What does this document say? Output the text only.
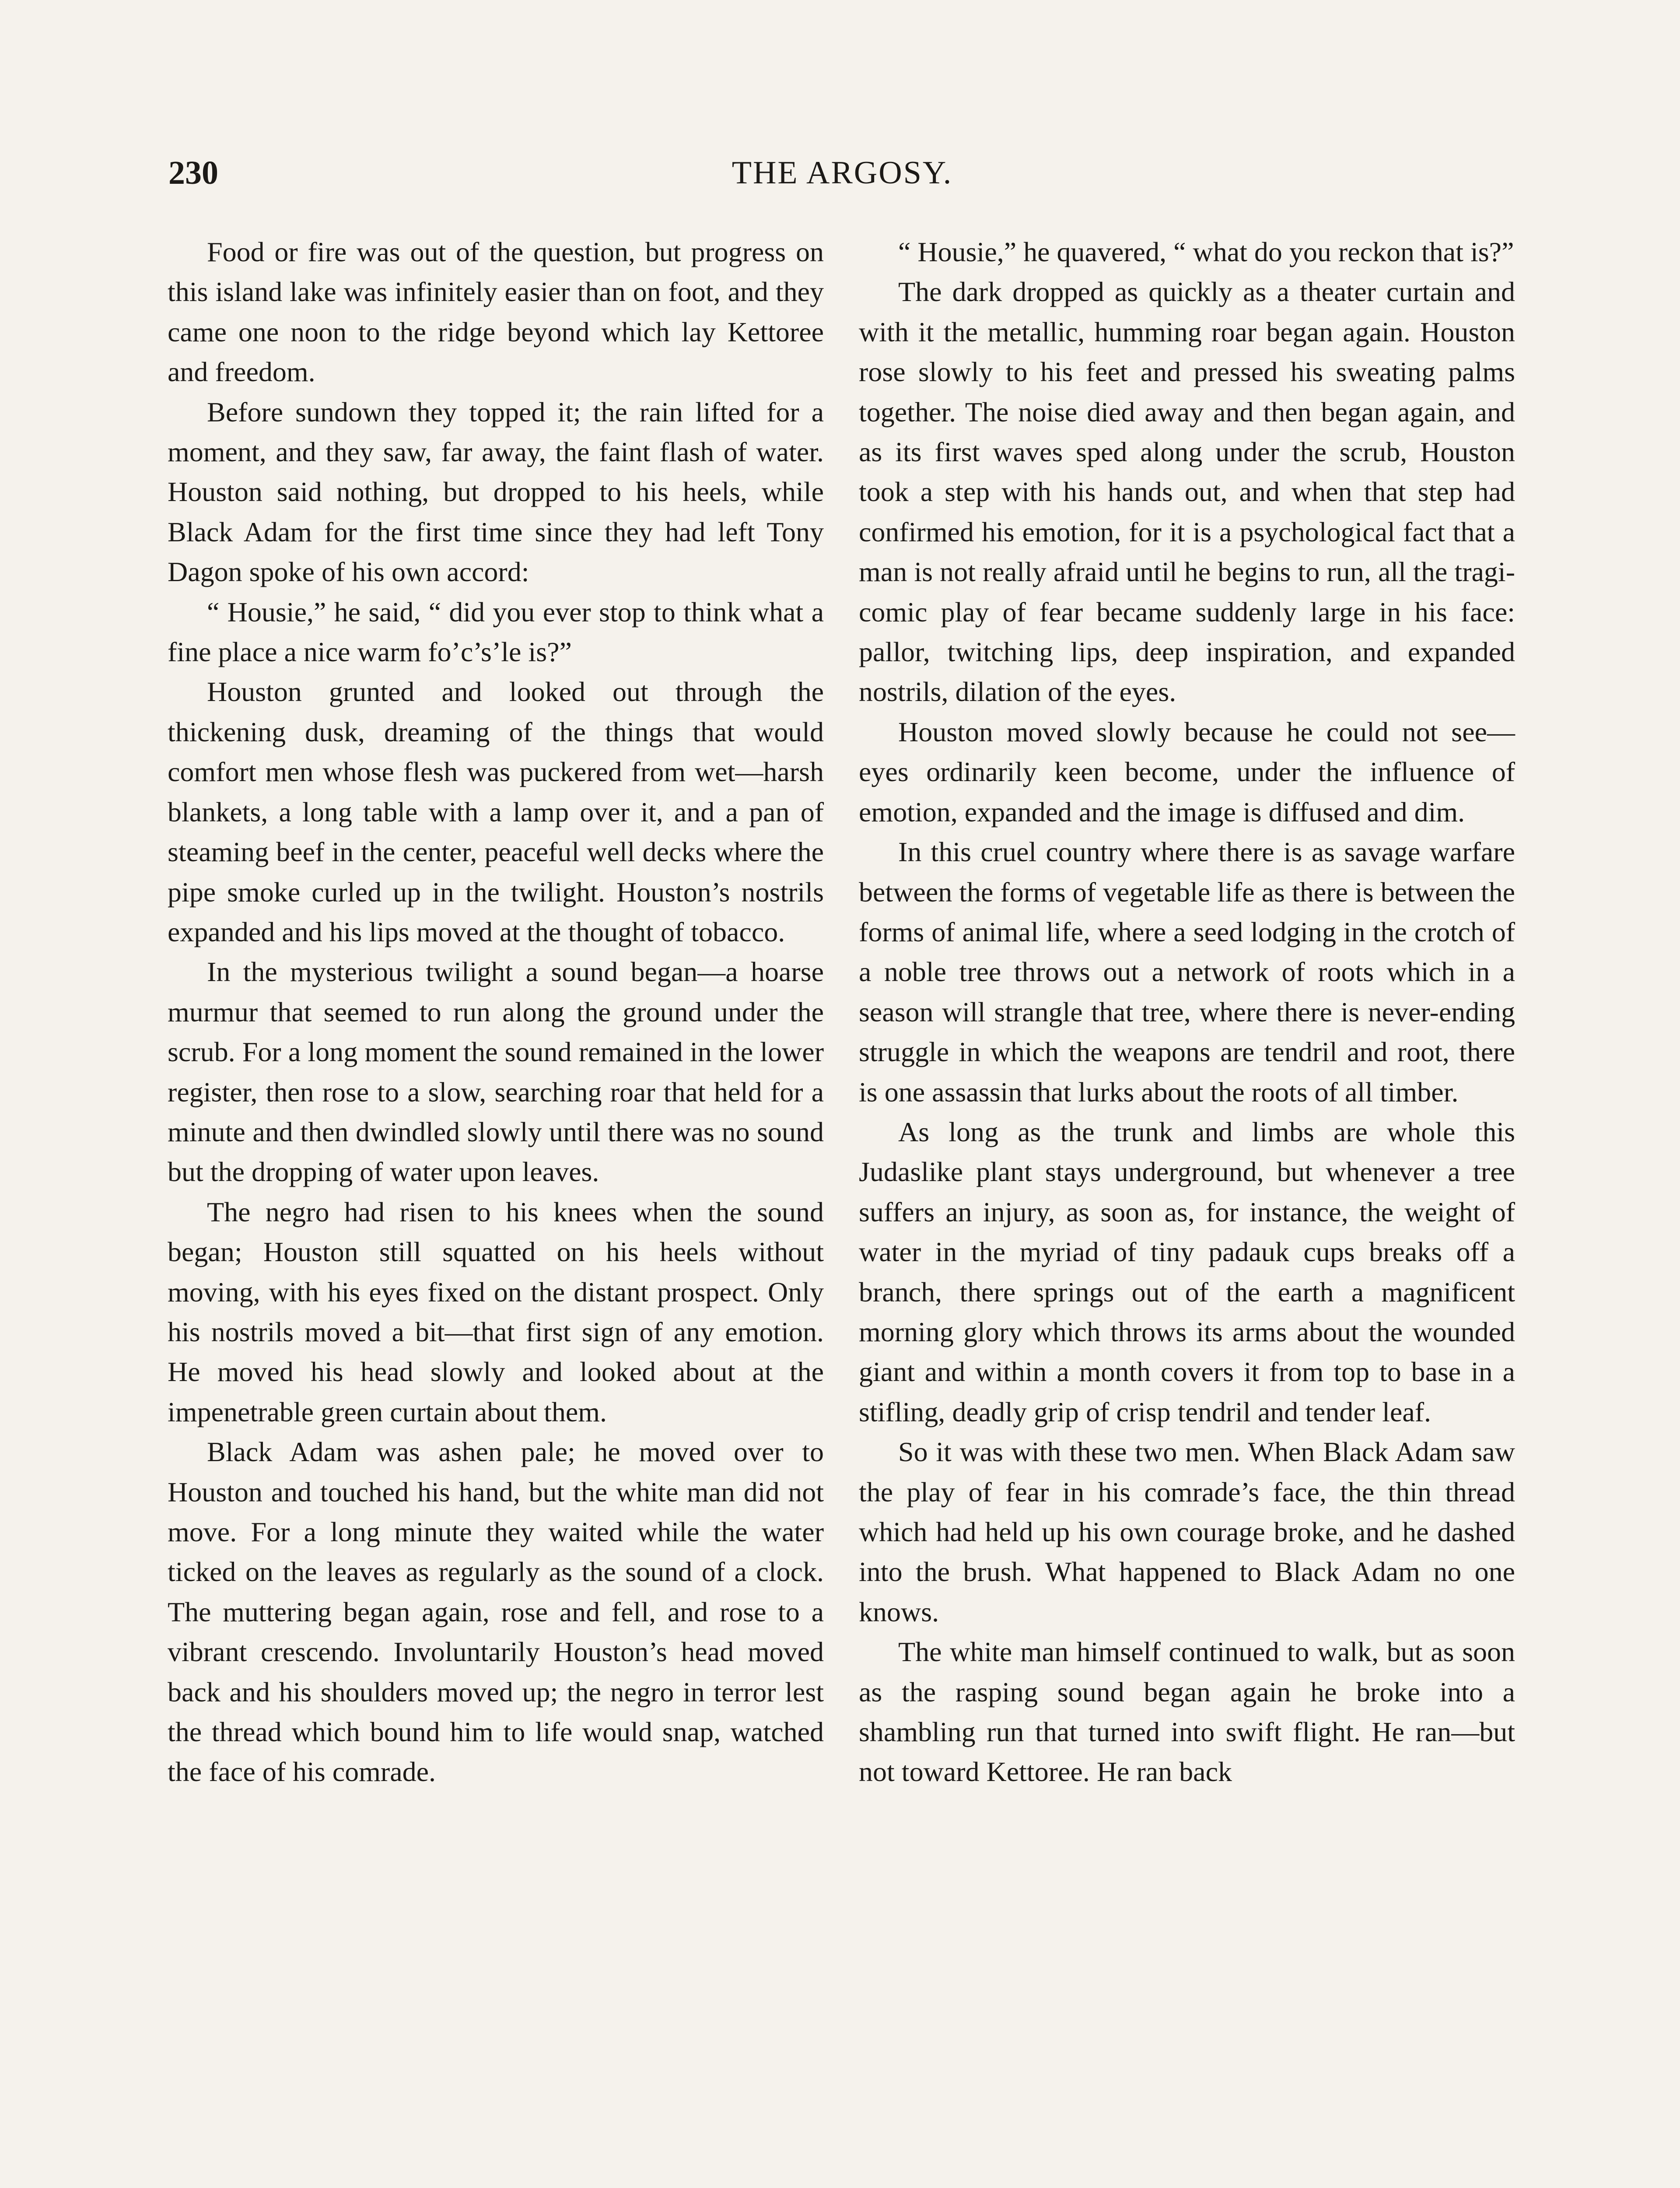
230	THE ARGOSY.

Food or fire was out of the question, but progress on this island lake was infinitely easier than on foot, and they came one noon to the ridge beyond which lay Kettoree and freedom.

Before sundown they topped it; the rain lifted for a moment, and they saw, far away, the faint flash of water. Houston said nothing, but dropped to his heels, while Black Adam for the first time since they had left Tony Dagon spoke of his own accord:

“ Housie,” he said, “ did you ever stop to think what a fine place a nice warm fo’c’s’le is?”

Houston grunted and looked out through the thickening dusk, dreaming of the things that would comfort men whose flesh was puckered from wet—harsh blankets, a long table with a lamp over it, and a pan of steaming beef in the center, peaceful well decks where the pipe smoke curled up in the twilight. Houston’s nostrils expanded and his lips moved at the thought of tobacco.

In the mysterious twilight a sound began—a hoarse murmur that seemed to run along the ground under the scrub. For a long moment the sound remained in the lower register, then rose to a slow, searching roar that held for a minute and then dwindled slowly until there was no sound but the dropping of water upon leaves.

The negro had risen to his knees when the sound began; Houston still squatted on his heels without moving, with his eyes fixed on the distant prospect. Only his nostrils moved a bit—that first sign of any emotion. He moved his head slowly and looked about at the impenetrable green curtain about them.

Black Adam was ashen pale; he moved over to Houston and touched his hand, but the white man did not move. For a long minute they waited while the water ticked on the leaves as regularly as the sound of a clock. The muttering began again, rose and fell, and rose to a vibrant crescendo. Involuntarily Houston’s head moved back and his shoulders moved up; the negro in terror lest the thread which bound him to life would snap, watched the face of his comrade.

“ Housie,” he quavered, “ what do you reckon that is?”

The dark dropped as quickly as a theater curtain and with it the metallic, humming roar began again. Houston rose slowly to his feet and pressed his sweating palms together. The noise died away and then began again, and as its first waves sped along under the scrub, Houston took a step with his hands out, and when that step had confirmed his emotion, for it is a psychological fact that a man is not really afraid until he begins to run, all the tragi-comic play of fear became suddenly large in his face: pallor, twitching lips, deep inspiration, and expanded nostrils, dilation of the eyes.

Houston moved slowly because he could not see—eyes ordinarily keen become, under the influence of emotion, expanded and the image is diffused and dim.

In this cruel country where there is as savage warfare between the forms of vegetable life as there is between the forms of animal life, where a seed lodging in the crotch of a noble tree throws out a network of roots which in a season will strangle that tree, where there is never-ending struggle in which the weapons are tendril and root, there is one assassin that lurks about the roots of all timber.

As long as the trunk and limbs are whole this Judaslike plant stays underground, but whenever a tree suffers an injury, as soon as, for instance, the weight of water in the myriad of tiny padauk cups breaks off a branch, there springs out of the earth a magnificent morning glory which throws its arms about the wounded giant and within a month covers it from top to base in a stifling, deadly grip of crisp tendril and tender leaf.

So it was with these two men. When Black Adam saw the play of fear in his comrade’s face, the thin thread which had held up his own courage broke, and he dashed into the brush. What happened to Black Adam no one knows.

The white man himself continued to walk, but as soon as the rasping sound began again he broke into a shambling run that turned into swift flight. He ran—but not toward Kettoree. He ran back
